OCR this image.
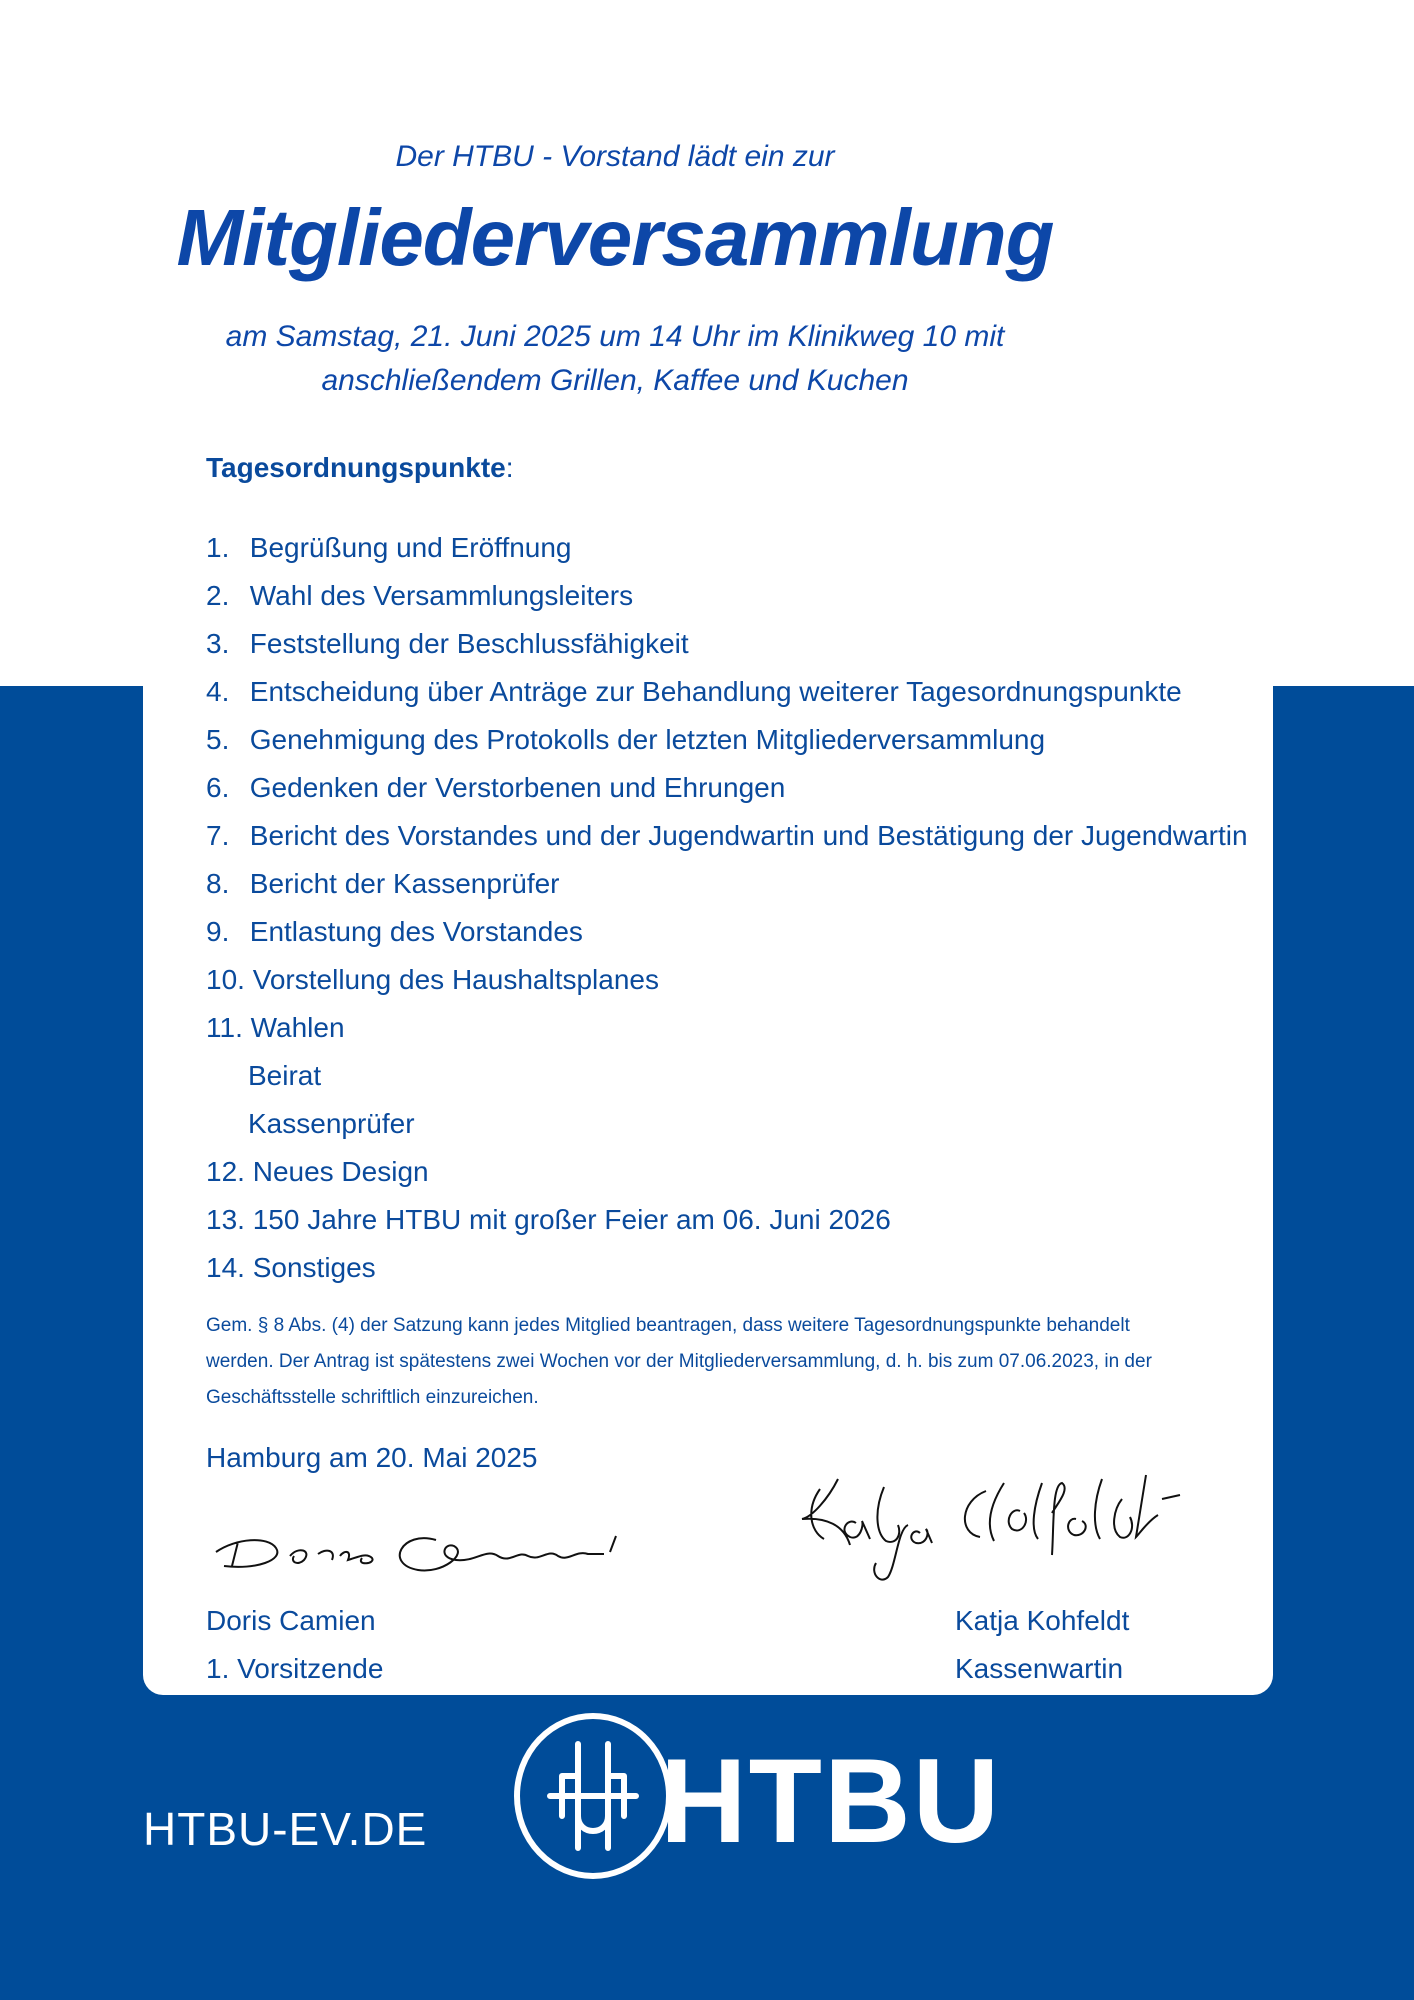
Der HTBU - Vorstand lädt ein zur
Mitgliederversammlung
am Samstag, 21. Juni 2025 um 14 Uhr im Klinikweg 10 mit
anschließendem Grillen, Kaffee und Kuchen
Tagesordnungspunkte:
1. Begrüßung und Eröffnung
2. Wahl des Versammlungsleiters
3. Feststellung der Beschlussfähigkeit
4. Entscheidung über Anträge zur Behandlung weiterer Tagesordnungspunkte
5. Genehmigung des Protokolls der letzten Mitgliederversammlung
6. Gedenken der Verstorbenen und Ehrungen
7. Bericht des Vorstandes und der Jugendwartin und Bestätigung der Jugendwartin
8. Bericht der Kassenprüfer
9. Entlastung des Vorstandes
10. Vorstellung des Haushaltsplanes
11. Wahlen
Beirat
Kassenprüfer
12. Neues Design
13. 150 Jahre HTBU mit großer Feier am 06. Juni 2026
14. Sonstiges
Gem. § 8 Abs. (4) der Satzung kann jedes Mitglied beantragen, dass weitere Tagesordnungspunkte behandelt
werden. Der Antrag ist spätestens zwei Wochen vor der Mitgliederversammlung, d. h. bis zum 07.06.2023, in der
Geschäftsstelle schriftlich einzureichen.
Hamburg am 20. Mai 2025
Doris Camien
1. Vorsitzende
Katja Kohfeldt
Kassenwartin
HTBU-EV.DE HTBU
